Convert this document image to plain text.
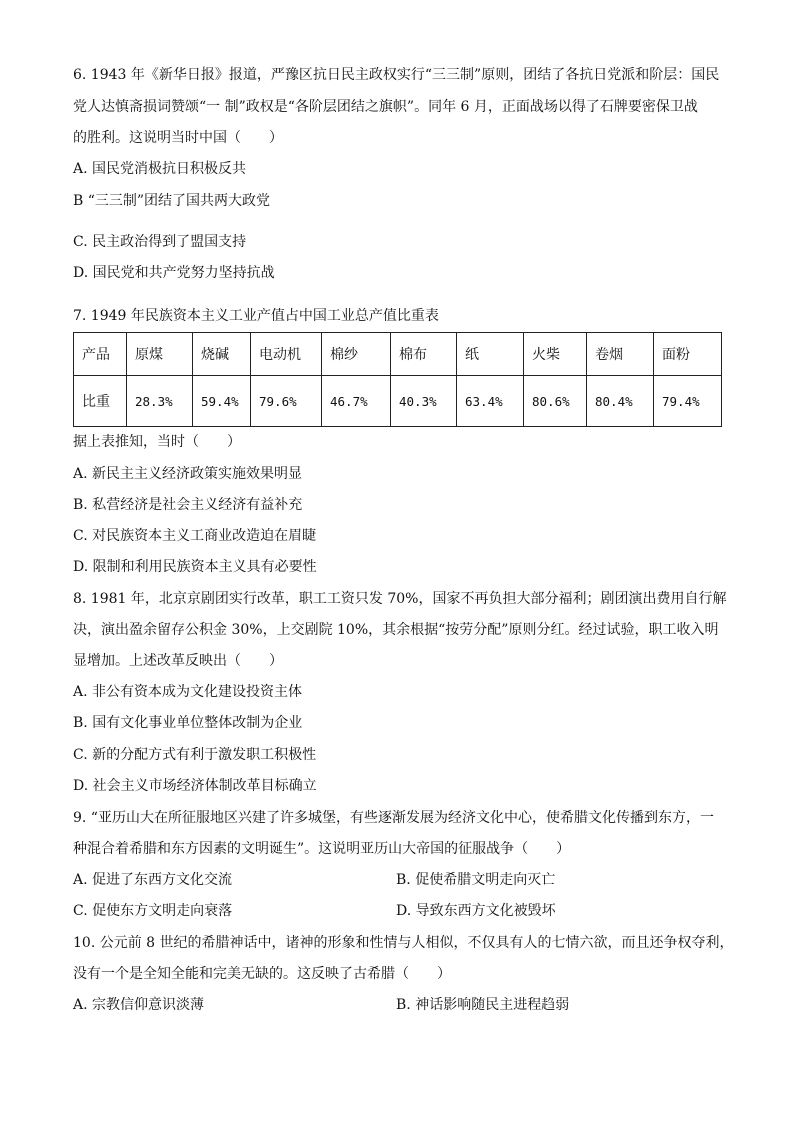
6. 1943 年《新华日报》报道，严豫区抗日民主政权实行“三三制”原则，团结了各抗日党派和阶层：国民
党人达慎斋损词赞颂“一 制”政权是“各阶层团结之旗帜”。同年 6 月，正面战场以得了石牌要密保卫战
的胜利。这说明当时中国（　　）
A. 国民党消极抗日积极反共
B “三三制”团结了国共两大政党
C. 民主政治得到了盟国支持
D. 国民党和共产党努力坚持抗战
7. 1949 年民族资本主义工业产值占中国工业总产值比重表
产品	原煤	烧碱	电动机	棉纱	棉布	纸	火柴	卷烟	面粉
比重	28.3%	59.4%	79.6%	46.7%	40.3%	63.4%	80.6%	80.4%	79.4%
据上表推知，当时（　　）
A. 新民主主义经济政策实施效果明显
B. 私营经济是社会主义经济有益补充
C. 对民族资本主义工商业改造迫在眉睫
D. 限制和利用民族资本主义具有必要性
8. 1981 年，北京京剧团实行改革，职工工资只发 70%，国家不再负担大部分福利；剧团演出费用自行解
决，演出盈余留存公积金 30%，上交剧院 10%，其余根据“按劳分配”原则分红。经过试验，职工收入明
显增加。上述改革反映出（　　）
A. 非公有资本成为文化建设投资主体
B. 国有文化事业单位整体改制为企业
C. 新的分配方式有利于激发职工积极性
D. 社会主义市场经济体制改革目标确立
9. “亚历山大在所征服地区兴建了许多城堡，有些逐渐发展为经济文化中心，使希腊文化传播到东方，一
种混合着希腊和东方因素的文明诞生”。这说明亚历山大帝国的征服战争（　　）
A. 促进了东西方文化交流	B. 促使希腊文明走向灭亡
C. 促使东方文明走向衰落	D. 导致东西方文化被毁坏
10. 公元前 8 世纪的希腊神话中，诸神的形象和性情与人相似，不仅具有人的七情六欲，而且还争权夺利，
没有一个是全知全能和完美无缺的。这反映了古希腊（　　）
A. 宗教信仰意识淡薄	B. 神话影响随民主进程趋弱
